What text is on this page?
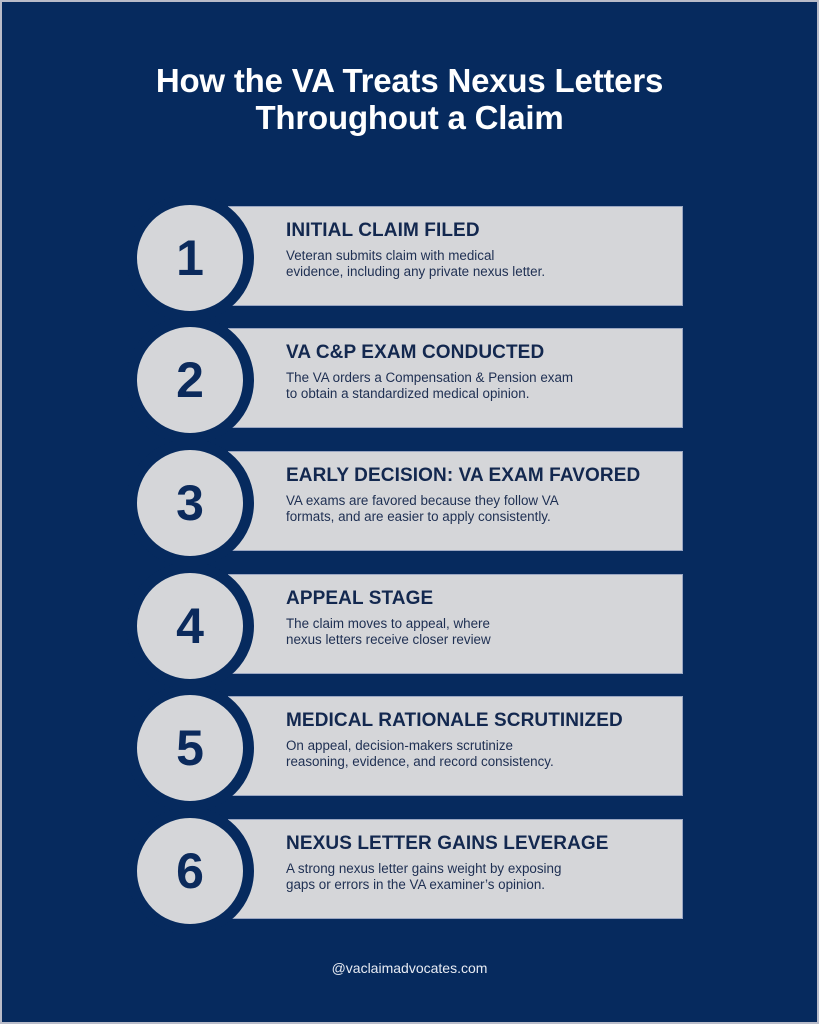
How the VA Treats Nexus Letters
Throughout a Claim
1	INITIAL CLAIM FILED
Veteran submits claim with medical
evidence, including any private nexus letter.
2	VA C&P EXAM CONDUCTED
The VA orders a Compensation & Pension exam
to obtain a standardized medical opinion.
3	EARLY DECISION: VA EXAM FAVORED
VA exams are favored because they follow VA
formats, and are easier to apply consistently.
4	APPEAL STAGE
The claim moves to appeal, where
nexus letters receive closer review
5	MEDICAL RATIONALE SCRUTINIZED
On appeal, decision-makers scrutinize
reasoning, evidence, and record consistency.
6	NEXUS LETTER GAINS LEVERAGE
A strong nexus letter gains weight by exposing
gaps or errors in the VA examiner’s opinion.
@vaclaimadvocates.com
